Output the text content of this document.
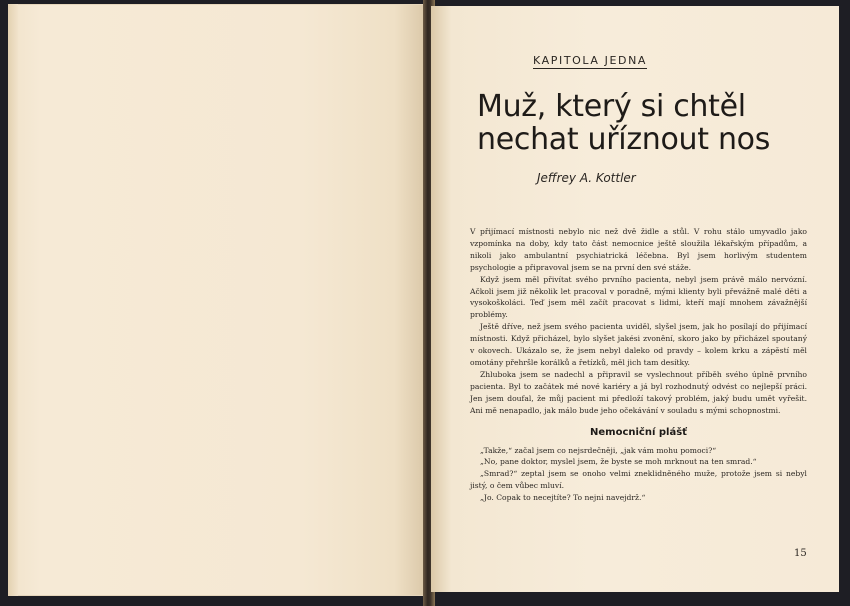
KAPITOLA JEDNA
Muž, který si chtěl
nechat uříznout nos
Jeffrey A. Kottler

V přijímací místnosti nebylo nic než dvě židle a stůl. V rohu stálo umyvadlo jako vzpomínka na doby, kdy tato část nemocnice ještě sloužila lékařským případům, a nikoli jako ambulantní psychiatrická léčebna. Byl jsem horlivým studentem psychologie a připravoval jsem se na první den své stáže.

Když jsem měl přivítat svého prvního pacienta, nebyl jsem právě málo nervózní. Ačkoli jsem již několik let pracoval v poradně, mými klienty byli převážně malé děti a vysokoškoláci. Teď jsem měl začít pracovat s lidmi, kteří mají mnohem závažnější problémy.

Ještě dříve, než jsem svého pacienta uviděl, slyšel jsem, jak ho posílají do přijímací místnosti. Když přicházel, bylo slyšet jakési zvonění, skoro jako by přicházel spoutaný v okovech. Ukázalo se, že jsem nebyl daleko od pravdy – kolem krku a zápěstí měl omotány přehršle korálků a řetízků, měl jich tam desítky.

Zhluboka jsem se nadechl a připravil se vyslechnout příběh svého úplně prvního pacienta. Byl to začátek mé nové kariéry a já byl rozhodnutý odvést co nejlepší práci. Jen jsem doufal, že můj pacient mi předloží takový problém, jaký budu umět vyřešit. Ani mě nenapadlo, jak málo bude jeho očekávání v souladu s mými schopnostmi.

Nemocniční plášť

„Takže,“ začal jsem co nejsrdečněji, „jak vám mohu pomoci?“

„No, pane doktor, myslel jsem, že byste se moh mrknout na ten smrad.“

„Smrad?“ zeptal jsem se onoho velmi zneklidněného muže, protože jsem si nebyl jistý, o čem vůbec mluví.

„Jo. Copak to necejtíte? To nejni navejdrž.“

15
